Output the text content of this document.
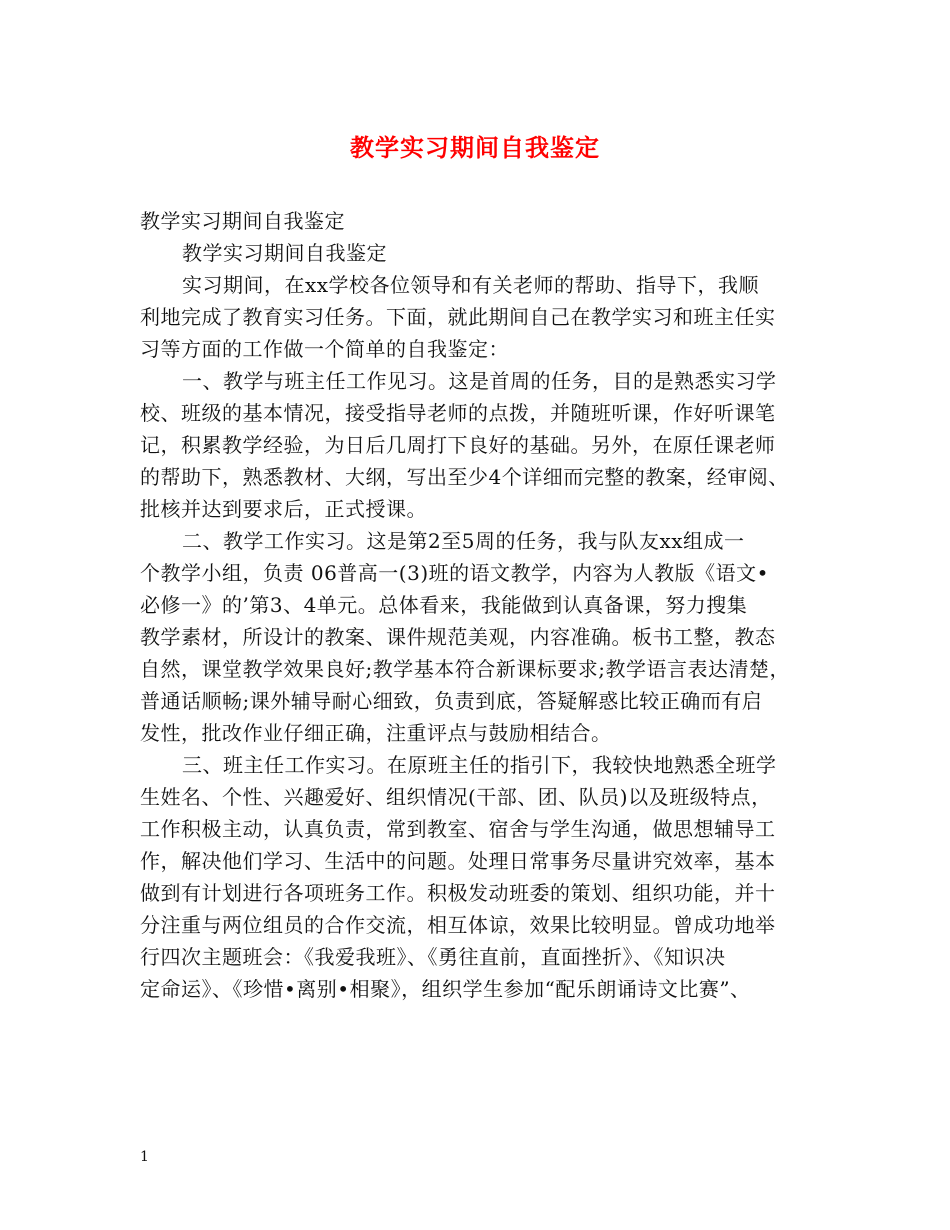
教学实习期间自我鉴定
教学实习期间自我鉴定
教学实习期间自我鉴定
实习期间，在xx学校各位领导和有关老师的帮助、指导下，我顺
利地完成了教育实习任务。下面，就此期间自己在教学实习和班主任实
习等方面的工作做一个简单的自我鉴定：
一、教学与班主任工作见习。这是首周的任务，目的是熟悉实习学
校、班级的基本情况，接受指导老师的点拨，并随班听课，作好听课笔
记，积累教学经验，为日后几周打下良好的基础。另外，在原任课老师
的帮助下，熟悉教材、大纲，写出至少4个详细而完整的教案，经审阅、
批核并达到要求后，正式授课。
二、教学工作实习。这是第2至5周的任务，我与队友xx组成一
个教学小组，负责 06普高一(3)班的语文教学，内容为人教版《语文•
必修一》的’第3、4单元。总体看来，我能做到认真备课，努力搜集
教学素材，所设计的教案、课件规范美观，内容准确。板书工整，教态
自然，课堂教学效果良好;教学基本符合新课标要求;教学语言表达清楚，
普通话顺畅;课外辅导耐心细致，负责到底，答疑解惑比较正确而有启
发性，批改作业仔细正确，注重评点与鼓励相结合。
三、班主任工作实习。在原班主任的指引下，我较快地熟悉全班学
生姓名、个性、兴趣爱好、组织情况(干部、团、队员)以及班级特点，
工作积极主动，认真负责，常到教室、宿舍与学生沟通，做思想辅导工
作，解决他们学习、生活中的问题。处理日常事务尽量讲究效率，基本
做到有计划进行各项班务工作。积极发动班委的策划、组织功能，并十
分注重与两位组员的合作交流，相互体谅，效果比较明显。曾成功地举
行四次主题班会：《我爱我班》、《勇往直前，直面挫折》、《知识决
定命运》、《珍惜•离别•相聚》，组织学生参加“配乐朗诵诗文比赛”、
1
